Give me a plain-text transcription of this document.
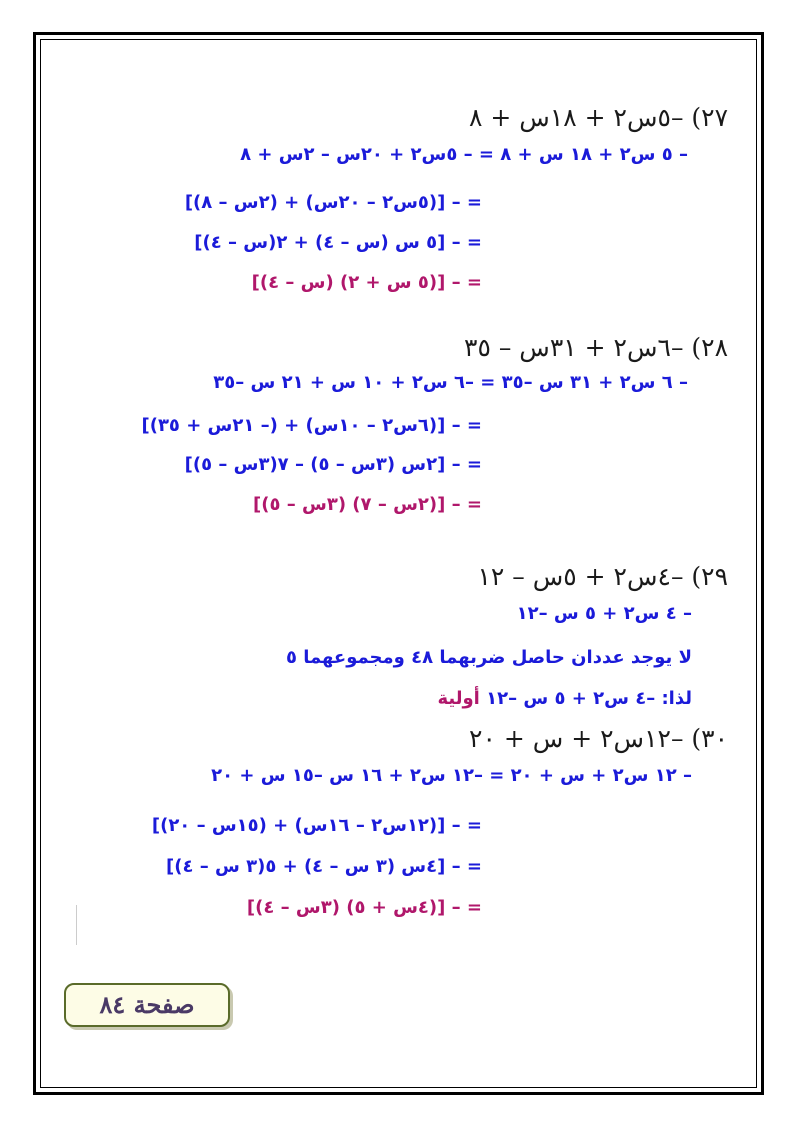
٢٧) –٥س٢ + ١٨س + ٨
– ٥ س٢ + ١٨ س + ٨ = – ٥س٢ + ٢٠س – ٢س + ٨
= – [(٥س٢ – ٢٠س) + (٢س – ٨)]
= – [٥ س (س – ٤) + ٢(س – ٤)]
= – [(٥ س + ٢) (س – ٤)]
٢٨) –٦س٢ + ٣١س – ٣٥
– ٦ س٢ + ٣١ س –٣٥ = –٦ س٢ + ١٠ س + ٢١ س –٣٥
= – [(٦س٢ – ١٠س) + (– ٢١س + ٣٥)]
= – [٢س (٣س – ٥) – ٧(٣س – ٥)]
= – [(٢س – ٧) (٣س – ٥)]
٢٩) –٤س٢ + ٥س – ١٢
– ٤ س٢ + ٥ س –١٢
لا يوجد عددان حاصل ضربهما ٤٨ ومجموعهما ٥
لذا: –٤ س٢ + ٥ س –١٢ أولية
٣٠) –١٢س٢ + س + ٢٠
– ١٢ س٢ + س + ٢٠ = –١٢ س٢ + ١٦ س –١٥ س + ٢٠
= – [(١٢س٢ – ١٦س) + (١٥س – ٢٠)]
= – [٤س (٣ س – ٤) + ٥(٣ س – ٤)]
= – [(٤س + ٥) (٣س – ٤)]
صفحة ٨٤
